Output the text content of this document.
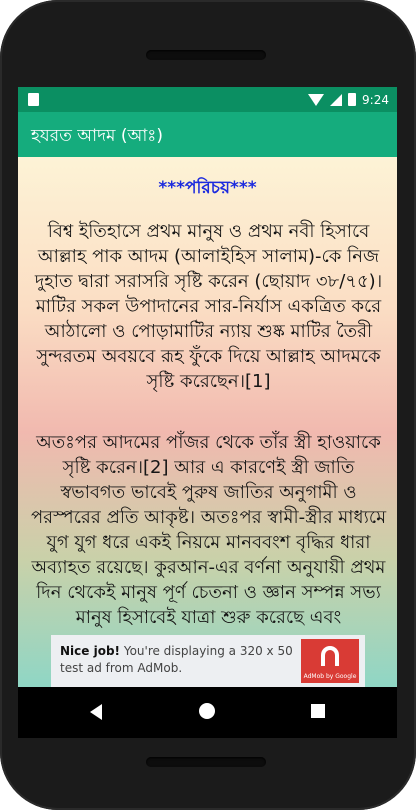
9:24
হযরত আদম (আঃ)
***পরিচয়***
বিশ্ব ইতিহাসে প্রথম মানুষ ও প্রথম নবী হিসাবে আল্লাহ পাক আদম (আলাইহিস সালাম)-কে নিজ দুহাত দ্বারা সরাসরি সৃষ্টি করেন (ছোয়াদ ৩৮/৭৫)। মাটির সকল উপাদানের সার-নির্যাস একত্রিত করে আঠালো ও পোড়ামাটির ন্যায় শুষ্ক মাটির তৈরী সুন্দরতম অবয়বে রূহ ফুঁকে দিয়ে আল্লাহ আদমকে সৃষ্টি করেছেন।[1]
অতঃপর আদমের পাঁজর থেকে তাঁর স্ত্রী হাওয়াকে সৃষ্টি করেন।[2] আর এ কারণেই স্ত্রী জাতি স্বভাবগত ভাবেই পুরুষ জাতির অনুগামী ও পরস্পরের প্রতি আকৃষ্ট। অতঃপর স্বামী-স্ত্রীর মাধ্যমে যুগ যুগ ধরে একই নিয়মে মানববংশ বৃদ্ধির ধারা অব্যাহত রয়েছে। কুরআন-এর বর্ণনা অনুযায়ী প্রথম দিন থেকেই মানুষ পূর্ণ চেতনা ও জ্ঞান সম্পন্ন সভ্য মানুষ হিসাবেই যাত্রা শুরু করেছে এবং
Nice job! You're displaying a 320 x 50 test ad from AdMob.
AdMob by Google
